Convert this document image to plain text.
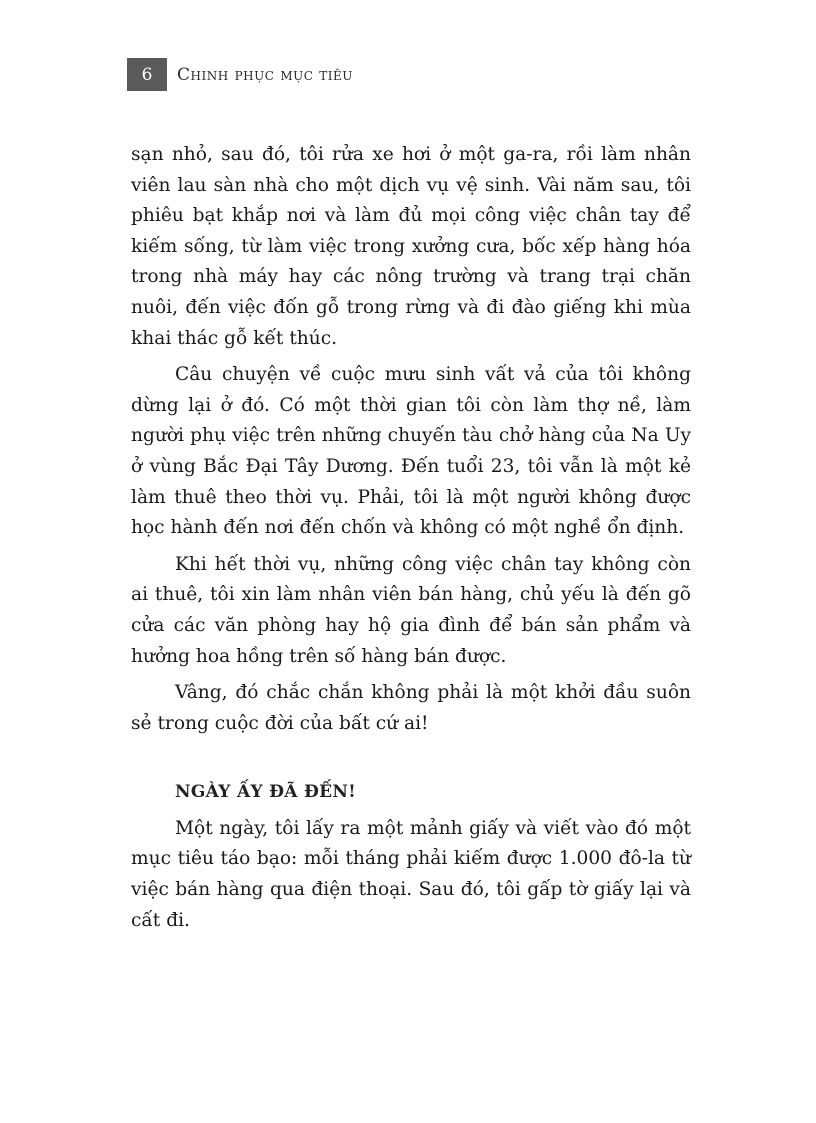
6	Chinh phục mục tiêu

sạn nhỏ, sau đó, tôi rửa xe hơi ở một ga-ra, rồi làm nhân viên lau sàn nhà cho một dịch vụ vệ sinh. Vài năm sau, tôi phiêu bạt khắp nơi và làm đủ mọi công việc chân tay để kiếm sống, từ làm việc trong xưởng cưa, bốc xếp hàng hóa trong nhà máy hay các nông trường và trang trại chăn nuôi, đến việc đốn gỗ trong rừng và đi đào giếng khi mùa khai thác gỗ kết thúc.

Câu chuyện về cuộc mưu sinh vất vả của tôi không dừng lại ở đó. Có một thời gian tôi còn làm thợ nề, làm người phụ việc trên những chuyến tàu chở hàng của Na Uy ở vùng Bắc Đại Tây Dương. Đến tuổi 23, tôi vẫn là một kẻ làm thuê theo thời vụ. Phải, tôi là một người không được học hành đến nơi đến chốn và không có một nghề ổn định.

Khi hết thời vụ, những công việc chân tay không còn ai thuê, tôi xin làm nhân viên bán hàng, chủ yếu là đến gõ cửa các văn phòng hay hộ gia đình để bán sản phẩm và hưởng hoa hồng trên số hàng bán được.

Vâng, đó chắc chắn không phải là một khởi đầu suôn sẻ trong cuộc đời của bất cứ ai!

NGÀY ẤY ĐÃ ĐẾN!

Một ngày, tôi lấy ra một mảnh giấy và viết vào đó một mục tiêu táo bạo: mỗi tháng phải kiếm được 1.000 đô-la từ việc bán hàng qua điện thoại. Sau đó, tôi gấp tờ giấy lại và cất đi.
